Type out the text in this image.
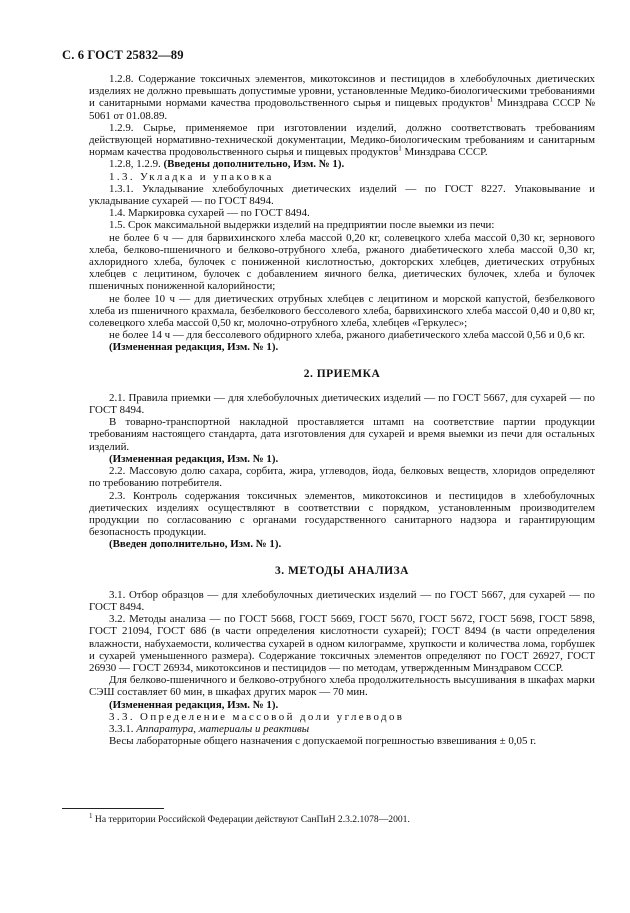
С. 6 ГОСТ 25832—89

1.2.8. Содержание токсичных элементов, микотоксинов и пестицидов в хлебобулочных диетических изделиях не должно превышать допустимые уровни, установленные Медико-биологическими требованиями и санитарными нормами качества продовольственного сырья и пищевых продуктов$^1$ Минздрава СССР № 5061 от 01.08.89.

1.2.9. Сырье, применяемое при изготовлении изделий, должно соответствовать требованиям действующей нормативно-технической документации, Медико-биологическим требованиям и санитарным нормам качества продовольственного сырья и пищевых продуктов$^1$ Минздрава СССР.

1.2.8, 1.2.9. (Введены дополнительно, Изм. № 1).

1.3. Укладка и упаковка

1.3.1. Укладывание хлебобулочных диетических изделий — по ГОСТ 8227. Упаковывание и укладывание сухарей — по ГОСТ 8494.

1.4. Маркировка сухарей — по ГОСТ 8494.

1.5. Срок максимальной выдержки изделий на предприятии после выемки из печи:

не более 6 ч — для барвихинского хлеба массой 0,20 кг, солевецкого хлеба массой 0,30 кг, зернового хлеба, белково-пшеничного и белково-отрубного хлеба, ржаного диабетического хлеба массой 0,30 кг, ахлоридного хлеба, булочек с пониженной кислотностью, докторских хлебцев, диетических отрубных хлебцев с лецитином, булочек с добавлением яичного белка, диетических булочек, хлеба и булочек пшеничных пониженной калорийности;

не более 10 ч — для диетических отрубных хлебцев с лецитином и морской капустой, безбелкового хлеба из пшеничного крахмала, безбелкового бессолевого хлеба, барвихинского хлеба массой 0,40 и 0,80 кг, солевецкого хлеба массой 0,50 кг, молочно-отрубного хлеба, хлебцев «Геркулес»;

не более 14 ч — для бессолевого обдирного хлеба, ржаного диабетического хлеба массой 0,56 и 0,6 кг.

(Измененная редакция, Изм. № 1).

2. ПРИЕМКА

2.1. Правила приемки — для хлебобулочных диетических изделий — по ГОСТ 5667, для сухарей — по ГОСТ 8494.

В товарно-транспортной накладной проставляется штамп на соответствие партии продукции требованиям настоящего стандарта, дата изготовления для сухарей и время выемки из печи для остальных изделий.

(Измененная редакция, Изм. № 1).

2.2. Массовую долю сахара, сорбита, жира, углеводов, йода, белковых веществ, хлоридов определяют по требованию потребителя.

2.3. Контроль содержания токсичных элементов, микотоксинов и пестицидов в хлебобулочных диетических изделиях осуществляют в соответствии с порядком, установленным производителем продукции по согласованию с органами государственного санитарного надзора и гарантирующим безопасность продукции.

(Введен дополнительно, Изм. № 1).

3. МЕТОДЫ АНАЛИЗА

3.1. Отбор образцов — для хлебобулочных диетических изделий — по ГОСТ 5667, для сухарей — по ГОСТ 8494.

3.2. Методы анализа — по ГОСТ 5668, ГОСТ 5669, ГОСТ 5670, ГОСТ 5672, ГОСТ 5698, ГОСТ 5898, ГОСТ 21094, ГОСТ 686 (в части определения кислотности сухарей); ГОСТ 8494 (в части определения влажности, набухаемости, количества сухарей в одном килограмме, хрупкости и количества лома, горбушек и сухарей уменьшенного размера). Содержание токсичных элементов определяют по ГОСТ 26927, ГОСТ 26930 — ГОСТ 26934, микотоксинов и пестицидов — по методам, утвержденным Минздравом СССР.

Для белково-пшеничного и белково-отрубного хлеба продолжительность высушивания в шкафах марки СЭШ составляет 60 мин, в шкафах других марок — 70 мин.

(Измененная редакция, Изм. № 1).

3.3. Определение массовой доли углеводов

3.3.1. Аппаратура, материалы и реактивы

Весы лабораторные общего назначения с допускаемой погрешностью взвешивания ± 0,05 г.

$^1$ На территории Российской Федерации действуют СанПиН 2.3.2.1078—2001.
